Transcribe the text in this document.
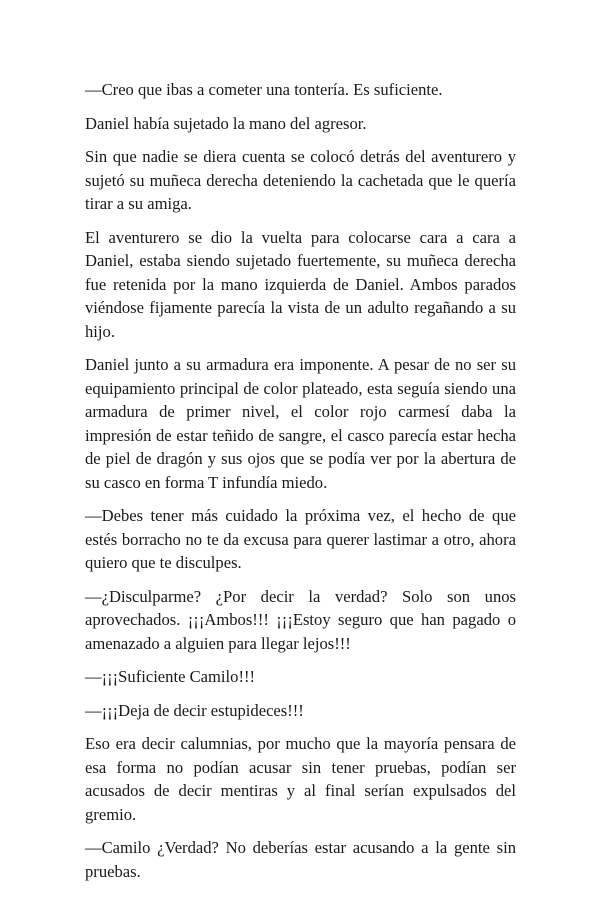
—Creo que ibas a cometer una tontería. Es suficiente.

Daniel había sujetado la mano del agresor.

Sin que nadie se diera cuenta se colocó detrás del aventurero y sujetó su muñeca derecha deteniendo la cachetada que le quería tirar a su amiga.

El aventurero se dio la vuelta para colocarse cara a cara a Daniel, estaba siendo sujetado fuertemente, su muñeca derecha fue retenida por la mano izquierda de Daniel. Ambos parados viéndose fijamente parecía la vista de un adulto regañando a su hijo.

Daniel junto a su armadura era imponente. A pesar de no ser su equipamiento principal de color plateado, esta seguía siendo una armadura de primer nivel, el color rojo carmesí daba la impresión de estar teñido de sangre, el casco parecía estar hecha de piel de dragón y sus ojos que se podía ver por la abertura de su casco en forma T infundía miedo.

—Debes tener más cuidado la próxima vez, el hecho de que estés borracho no te da excusa para querer lastimar a otro, ahora quiero que te disculpes.

—¿Disculparme? ¿Por decir la verdad? Solo son unos aprovechados. ¡¡¡Ambos!!! ¡¡¡Estoy seguro que han pagado o amenazado a alguien para llegar lejos!!!

—¡¡¡Suficiente Camilo!!!

—¡¡¡Deja de decir estupideces!!!

Eso era decir calumnias, por mucho que la mayoría pensara de esa forma no podían acusar sin tener pruebas, podían ser acusados de decir mentiras y al final serían expulsados del gremio.

—Camilo ¿Verdad? No deberías estar acusando a la gente sin pruebas.
